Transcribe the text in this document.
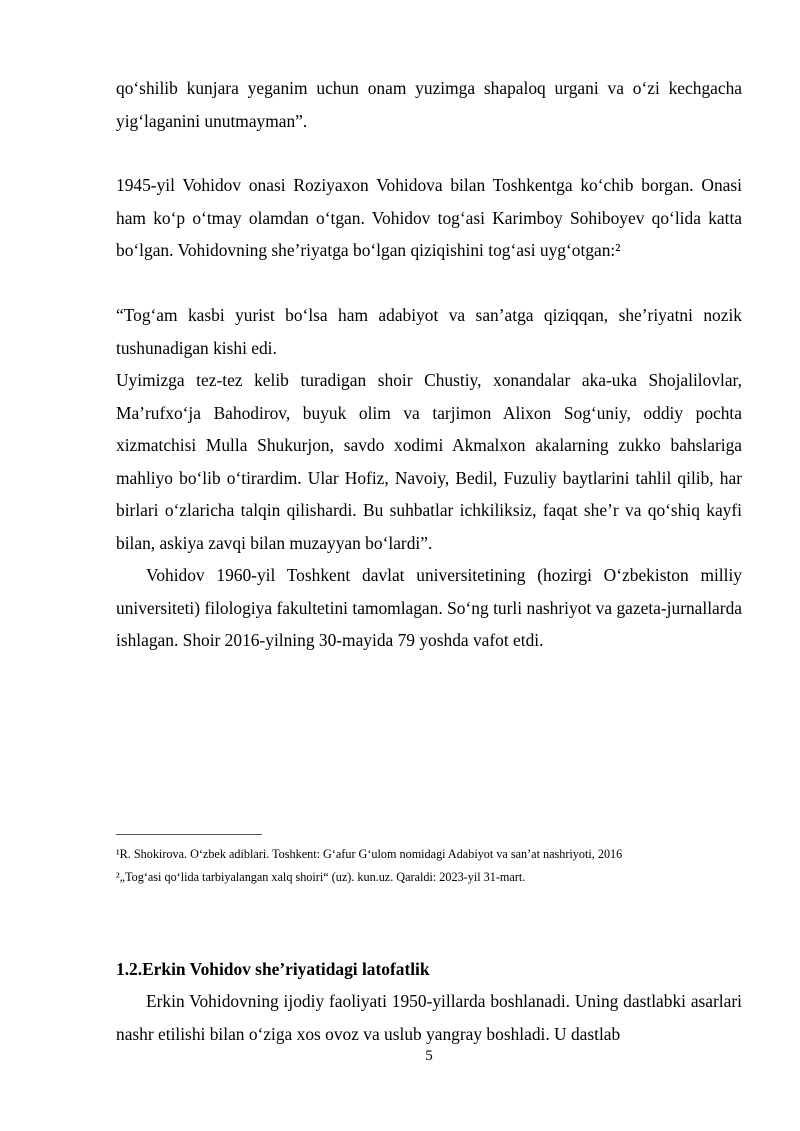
qo‘shilib kunjara yeganim uchun onam yuzimga shapaloq urgani va o‘zi kechgacha yig‘laganini unutmayman”.

1945-yil Vohidov onasi Roziyaxon Vohidova bilan Toshkentga ko‘chib borgan. Onasi ham ko‘p o‘tmay olamdan o‘tgan. Vohidov tog‘asi Karimboy Sohiboyev qo‘lida katta bo‘lgan. Vohidovning she’riyatga bo‘lgan qiziqishini tog‘asi uyg‘otgan:²

“Tog‘am kasbi yurist bo‘lsa ham adabiyot va san’atga qiziqqan, she’riyatni nozik tushunadigan kishi edi.

Uyimizga tez-tez kelib turadigan shoir Chustiy, xonandalar aka-uka Shojalilovlar, Ma’rufxo‘ja Bahodirov, buyuk olim va tarjimon Alixon Sog‘uniy, oddiy pochta xizmatchisi Mulla Shukurjon, savdo xodimi Akmalxon akalarning zukko bahslariga mahliyo bo‘lib o‘tirardim. Ular Hofiz, Navoiy, Bedil, Fuzuliy baytlarini tahlil qilib, har birlari o‘zlaricha talqin qilishardi. Bu suhbatlar ichkiliksiz, faqat she’r va qo‘shiq kayfi bilan, askiya zavqi bilan muzayyan bo‘lardi”.

Vohidov 1960-yil Toshkent davlat universitetining (hozirgi O‘zbekiston milliy universiteti) filologiya fakultetini tamomlagan. So‘ng turli nashriyot va gazeta-jurnallarda ishlagan. Shoir 2016-yilning 30-mayida 79 yoshda vafot etdi.

¹R. Shokirova. O‘zbek adiblari. Toshkent: G‘afur G‘ulom nomidagi Adabiyot va san’at nashriyoti, 2016

²„Tog‘asi qo‘lida tarbiyalangan xalq shoiri“ (uz). kun.uz. Qaraldi: 2023-yil 31-mart.

1.2.Erkin Vohidov she’riyatidagi latofatlik

Erkin Vohidovning ijodiy faoliyati 1950-yillarda boshlanadi. Uning dastlabki asarlari nashr etilishi bilan o‘ziga xos ovoz va uslub yangray boshladi. U dastlab

5
